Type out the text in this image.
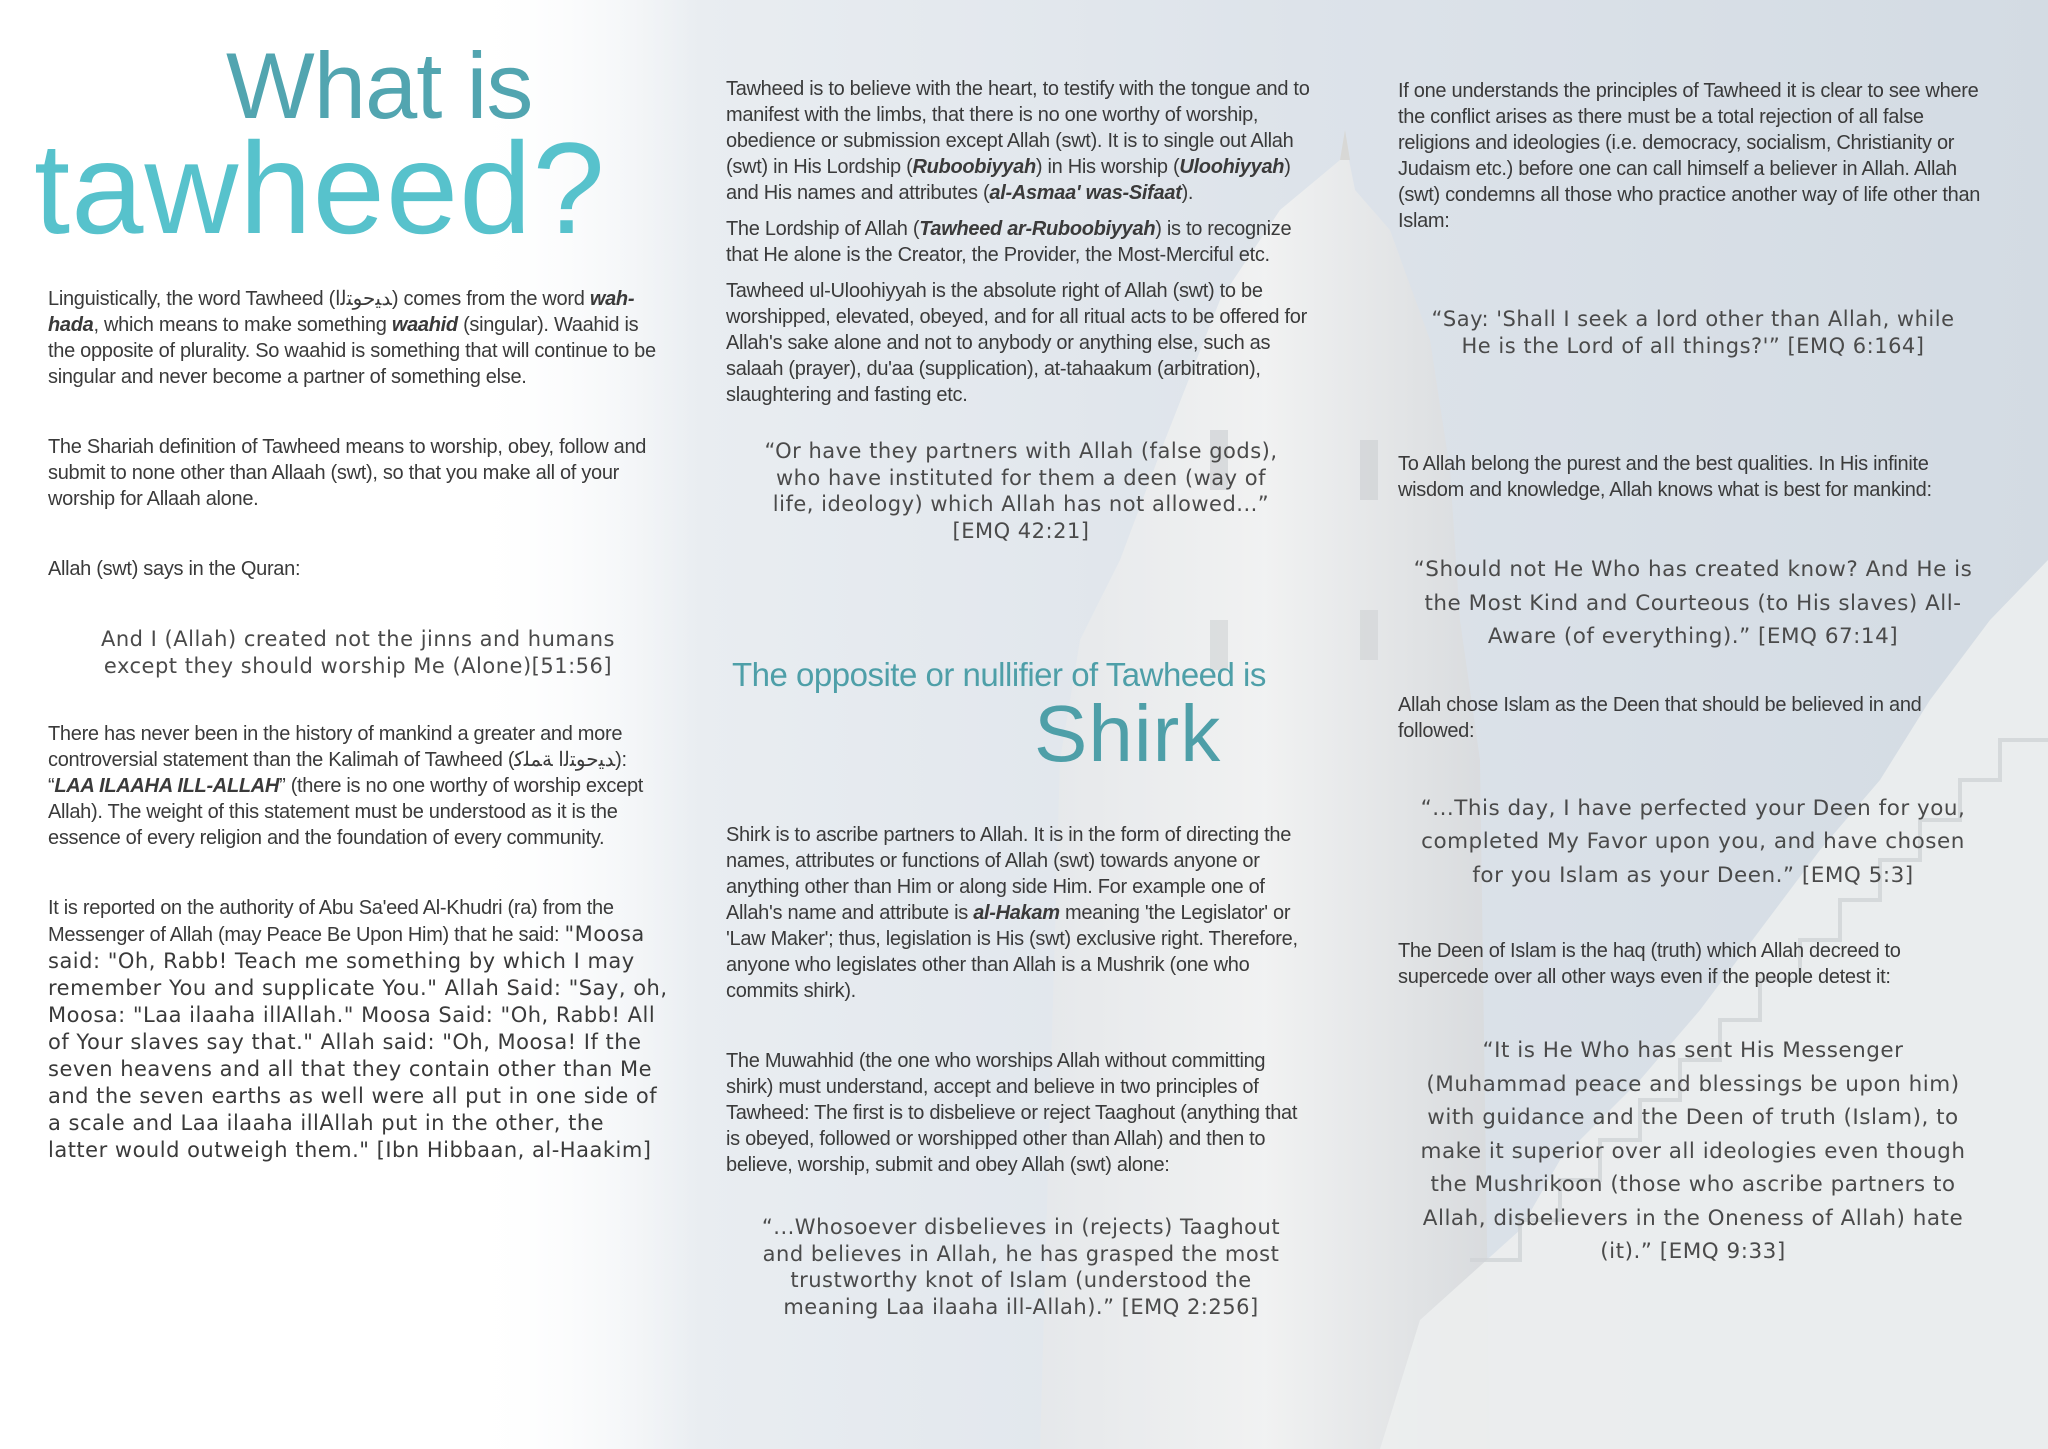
What is
tawheed?

Linguistically, the word Tawheed (ﺪﻴﺣﻮﺘﻟا) comes from the word wah-hada, which means to make something waahid (singular). Waahid is the opposite of plurality. So waahid is something that will continue to be singular and never become a partner of something else.

The Shariah definition of Tawheed means to worship, obey, follow and submit to none other than Allaah (swt), so that you make all of your worship for Allaah alone.

Allah (swt) says in the Quran:

And I (Allah) created not the jinns and humans except they should worship Me (Alone)[51:56]

There has never been in the history of mankind a greater and more controversial statement than the Kalimah of Tawheed (ﺪﻴﺣﻮﺘﻟا ﺔﻤﻠﻛ): “LAA ILAAHA ILL-ALLAH” (there is no one worthy of worship except Allah). The weight of this statement must be understood as it is the essence of every religion and the foundation of every community.

It is reported on the authority of Abu Sa'eed Al-Khudri (ra) from the Messenger of Allah (may Peace Be Upon Him) that he said: "Moosa said: "Oh, Rabb! Teach me something by which I may remember You and supplicate You." Allah Said: "Say, oh, Moosa: "Laa ilaaha illAllah." Moosa Said: "Oh, Rabb! All of Your slaves say that." Allah said: "Oh, Moosa! If the seven heavens and all that they contain other than Me and the seven earths as well were all put in one side of a scale and Laa ilaaha illAllah put in the other, the latter would outweigh them." [Ibn Hibbaan, al-Haakim]

Tawheed is to believe with the heart, to testify with the tongue and to manifest with the limbs, that there is no one worthy of worship, obedience or submission except Allah (swt). It is to single out Allah (swt) in His Lordship (Ruboobiyyah) in His worship (Uloohiyyah) and His names and attributes (al-Asmaa' was-Sifaat).

The Lordship of Allah (Tawheed ar-Ruboobiyyah) is to recognize that He alone is the Creator, the Provider, the Most-Merciful etc.

Tawheed ul-Uloohiyyah is the absolute right of Allah (swt) to be worshipped, elevated, obeyed, and for all ritual acts to be offered for Allah's sake alone and not to anybody or anything else, such as salaah (prayer), du'aa (supplication), at-tahaakum (arbitration), slaughtering and fasting etc.

“Or have they partners with Allah (false gods), who have instituted for them a deen (way of life, ideology) which Allah has not allowed...” [EMQ 42:21]

The opposite or nullifier of Tawheed is
Shirk

Shirk is to ascribe partners to Allah. It is in the form of directing the names, attributes or functions of Allah (swt) towards anyone or anything other than Him or along side Him. For example one of Allah's name and attribute is al-Hakam meaning 'the Legislator' or 'Law Maker'; thus, legislation is His (swt) exclusive right. Therefore, anyone who legislates other than Allah is a Mushrik (one who commits shirk).

The Muwahhid (the one who worships Allah without committing shirk) must understand, accept and believe in two principles of Tawheed: The first is to disbelieve or reject Taaghout (anything that is obeyed, followed or worshipped other than Allah) and then to believe, worship, submit and obey Allah (swt) alone:

“...Whosoever disbelieves in (rejects) Taaghout and believes in Allah, he has grasped the most trustworthy knot of Islam (understood the meaning Laa ilaaha ill-Allah).” [EMQ 2:256]

If one understands the principles of Tawheed it is clear to see where the conflict arises as there must be a total rejection of all false religions and ideologies (i.e. democracy, socialism, Christianity or Judaism etc.) before one can call himself a believer in Allah. Allah (swt) condemns all those who practice another way of life other than Islam:

“Say: 'Shall I seek a lord other than Allah, while He is the Lord of all things?'” [EMQ 6:164]

To Allah belong the purest and the best qualities. In His infinite wisdom and knowledge, Allah knows what is best for mankind:

“Should not He Who has created know? And He is the Most Kind and Courteous (to His slaves) All-Aware (of everything).” [EMQ 67:14]

Allah chose Islam as the Deen that should be believed in and followed:

“...This day, I have perfected your Deen for you, completed My Favor upon you, and have chosen for you Islam as your Deen.” [EMQ 5:3]

The Deen of Islam is the haq (truth) which Allah decreed to supercede over all other ways even if the people detest it:

“It is He Who has sent His Messenger (Muhammad peace and blessings be upon him) with guidance and the Deen of truth (Islam), to make it superior over all ideologies even though the Mushrikoon (those who ascribe partners to Allah, disbelievers in the Oneness of Allah) hate (it).” [EMQ 9:33]
